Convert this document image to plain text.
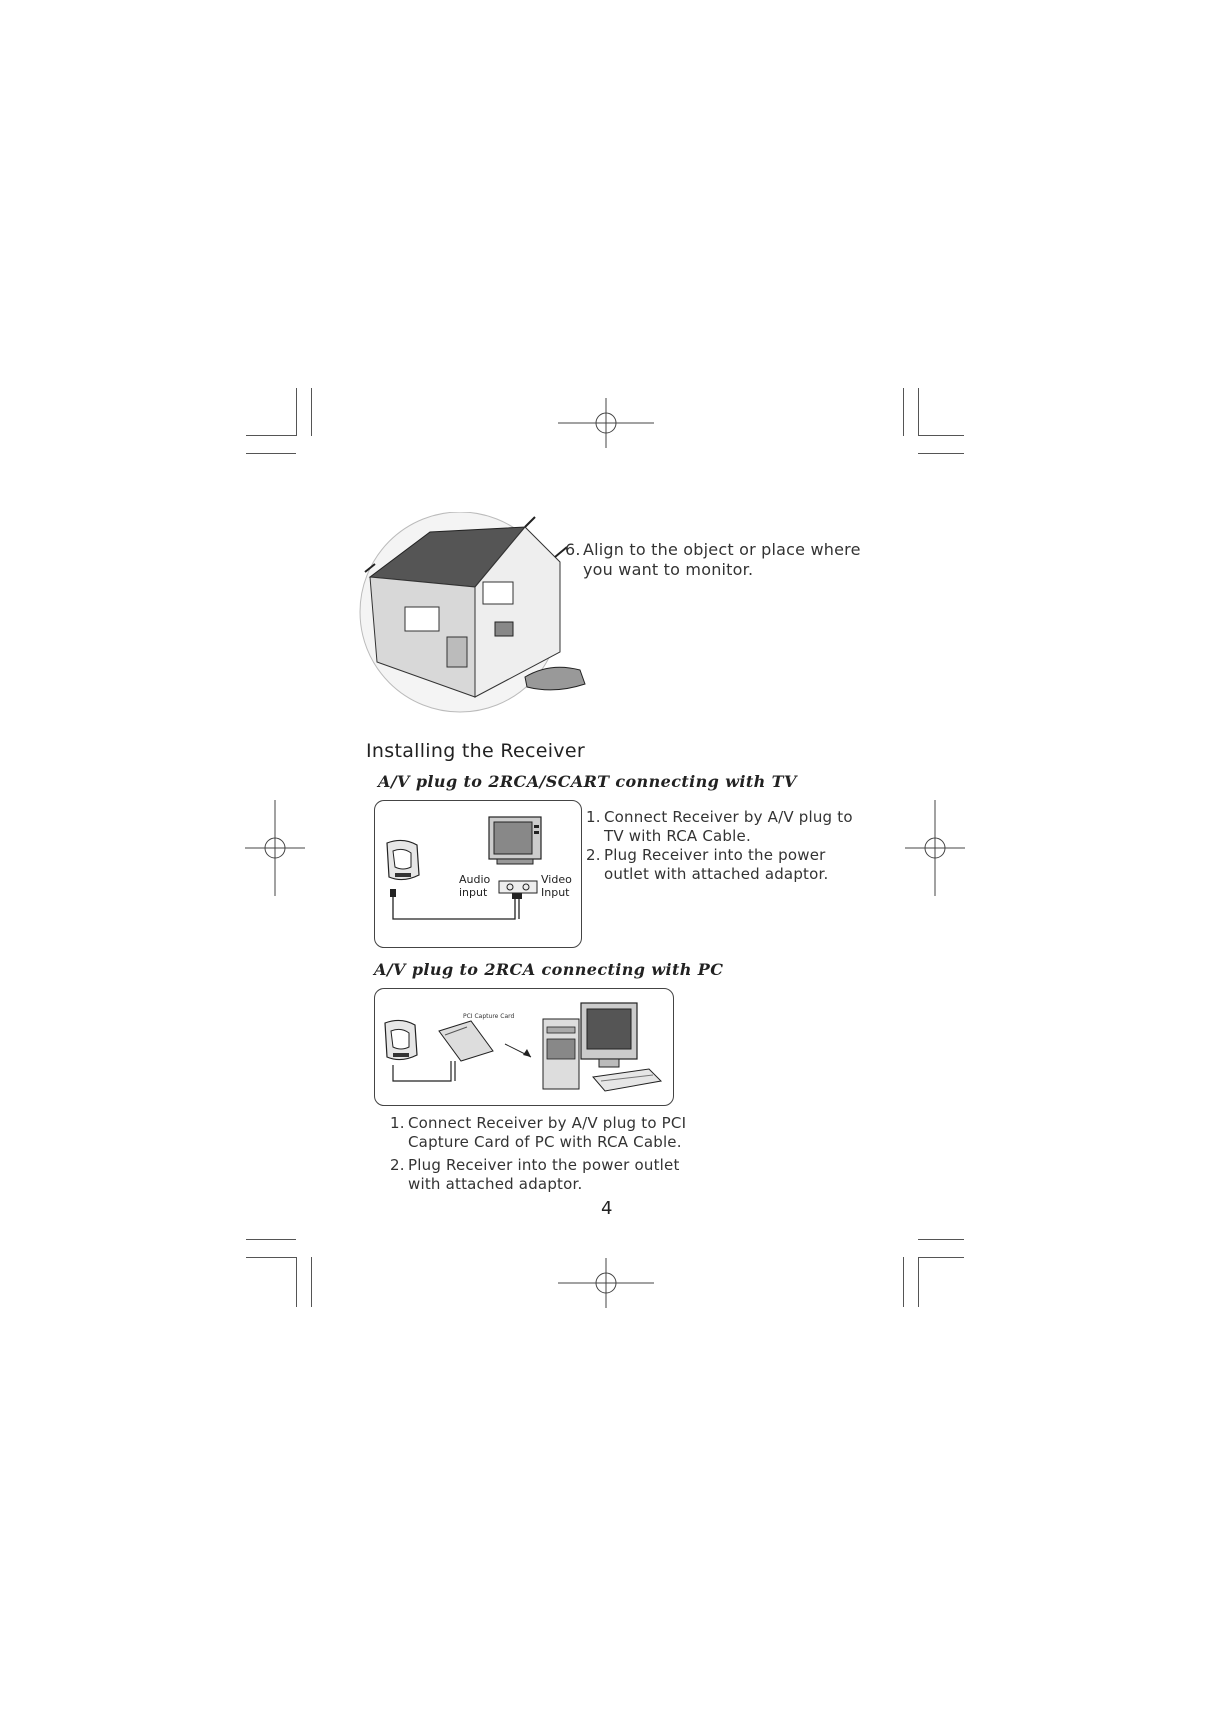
6. Align to the object or place where
you want to monitor.
Installing the Receiver
A/V plug to 2RCA/SCART connecting with TV
Audio
input
Video
Input
1. Connect Receiver by A/V plug to
TV with RCA Cable.
2. Plug Receiver into the power
outlet with attached adaptor.
A/V plug to 2RCA connecting with PC
PCI Capture Card
1. Connect Receiver by A/V plug to PCI
Capture Card of PC with RCA Cable.
2. Plug Receiver into the power outlet
with attached adaptor.
4
